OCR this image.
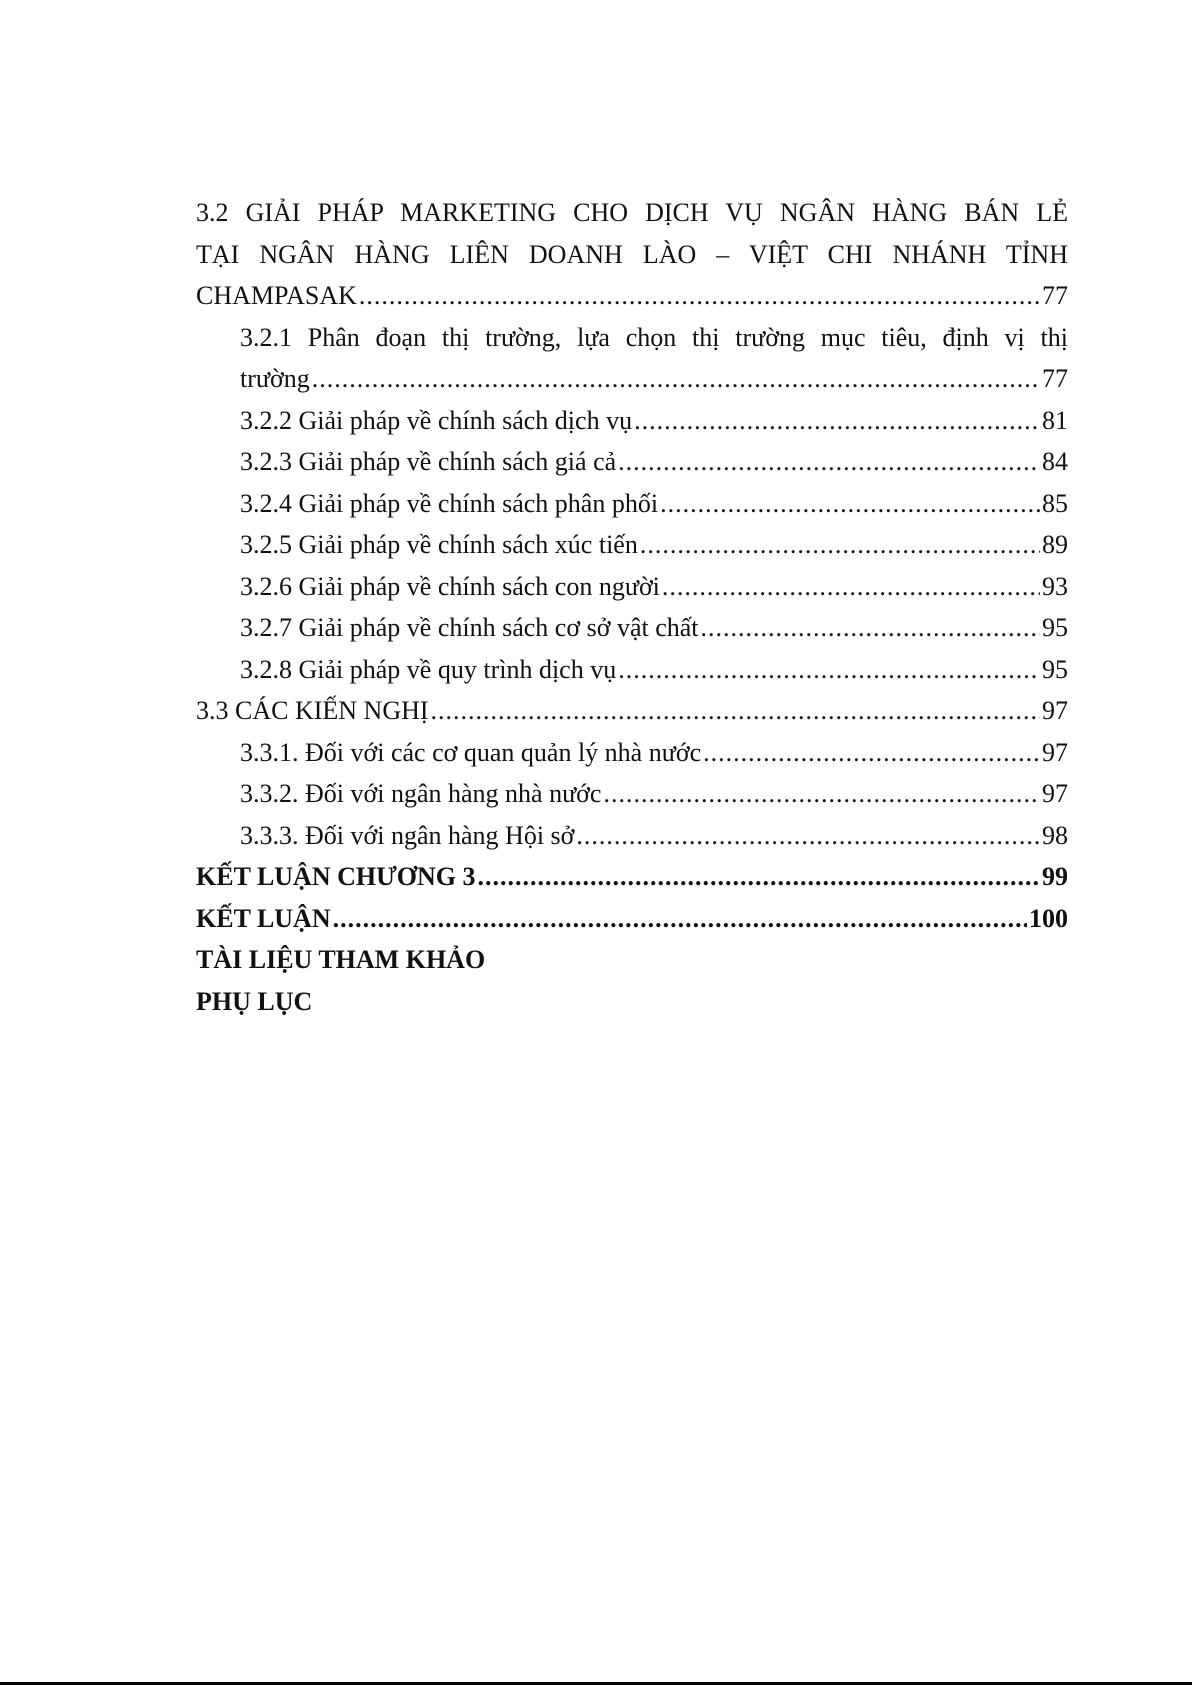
3.2 GIẢI PHÁP MARKETING CHO DỊCH VỤ NGÂN HÀNG BÁN LẺ
TẠI NGÂN HÀNG LIÊN DOANH LÀO – VIỆT CHI NHÁNH TỈNH
CHAMPASAK .....	77
3.2.1 Phân đoạn thị trường, lựa chọn thị trường mục tiêu, định vị thị
trường .....	77
3.2.2 Giải pháp về chính sách dịch vụ .....	81
3.2.3 Giải pháp về chính sách giá cả .....	84
3.2.4 Giải pháp về chính sách phân phối .....	85
3.2.5 Giải pháp về chính sách xúc tiến .....	89
3.2.6 Giải pháp về chính sách con người .....	93
3.2.7 Giải pháp về chính sách cơ sở vật chất .....	95
3.2.8 Giải pháp về quy trình dịch vụ .....	95
3.3 CÁC KIẾN NGHỊ .....	97
3.3.1. Đối với các cơ quan quản lý nhà nước .....	97
3.3.2. Đối với ngân hàng nhà nước .....	97
3.3.3. Đối với ngân hàng Hội sở .....	98
KẾT LUẬN CHƯƠNG 3 .....	99
KẾT LUẬN .....	100
TÀI LIỆU THAM KHẢO
PHỤ LỤC
